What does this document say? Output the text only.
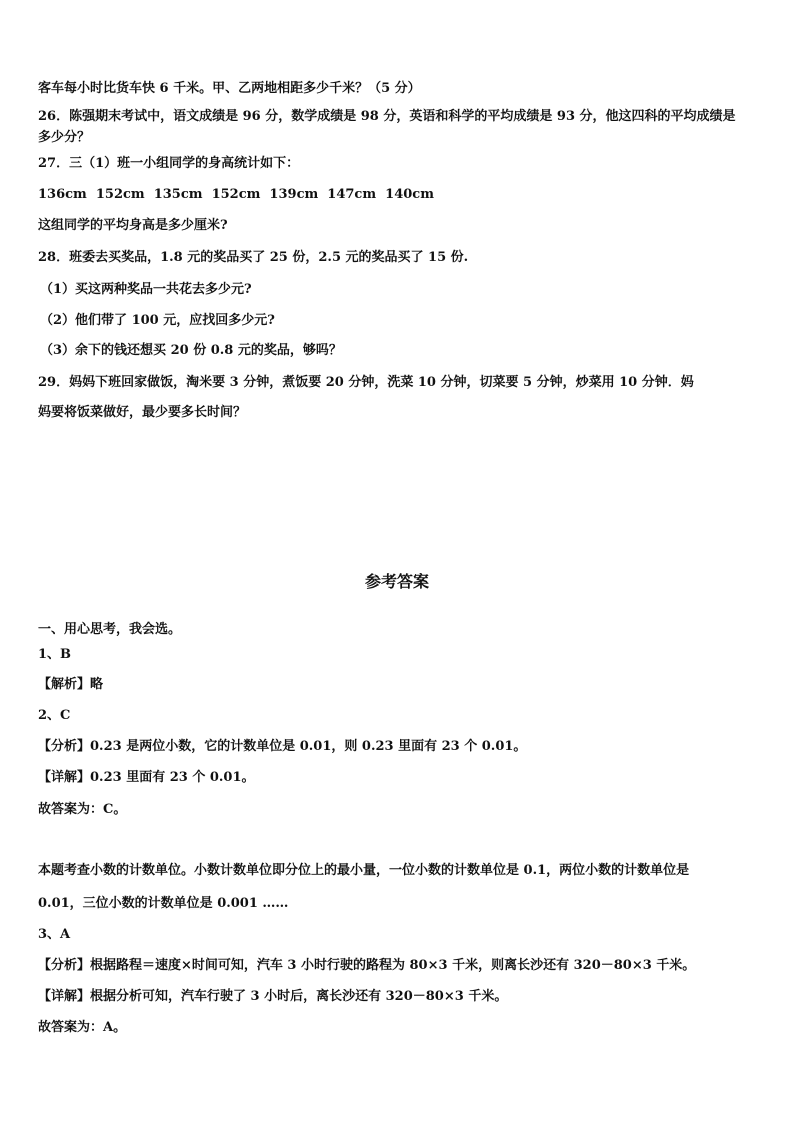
客车每小时比货车快 6 千米。甲、乙两地相距多少千米？（5 分）
26．陈强期末考试中，语文成绩是 96 分，数学成绩是 98 分，英语和科学的平均成绩是 93 分，他这四科的平均成绩是
多少分？
27．三（1）班一小组同学的身高统计如下：
136cm  152cm  135cm  152cm  139cm  147cm  140cm
这组同学的平均身高是多少厘米?
28．班委去买奖品，1.8 元的奖品买了 25 份，2.5 元的奖品买了 15 份.
（1）买这两种奖品一共花去多少元?
（2）他们带了 100 元，应找回多少元?
（3）余下的钱还想买 20 份 0.8 元的奖品，够吗？
29．妈妈下班回家做饭，淘米要 3 分钟，煮饭要 20 分钟，洗菜 10 分钟，切菜要 5 分钟，炒菜用 10 分钟．妈
妈要将饭菜做好，最少要多长时间？
参考答案
一、用心思考，我会选。
1、B
【解析】略
2、C
【分析】0.23 是两位小数，它的计数单位是 0.01，则 0.23 里面有 23 个 0.01。
【详解】0.23 里面有 23 个 0.01。
故答案为：C。
本题考查小数的计数单位。小数计数单位即分位上的最小量，一位小数的计数单位是 0.1，两位小数的计数单位是
0.01，三位小数的计数单位是 0.001 ……
3、A
【分析】根据路程＝速度×时间可知，汽车 3 小时行驶的路程为 80×3 千米，则离长沙还有 320－80×3 千米。
【详解】根据分析可知，汽车行驶了 3 小时后，离长沙还有 320－80×3 千米。
故答案为：A。
